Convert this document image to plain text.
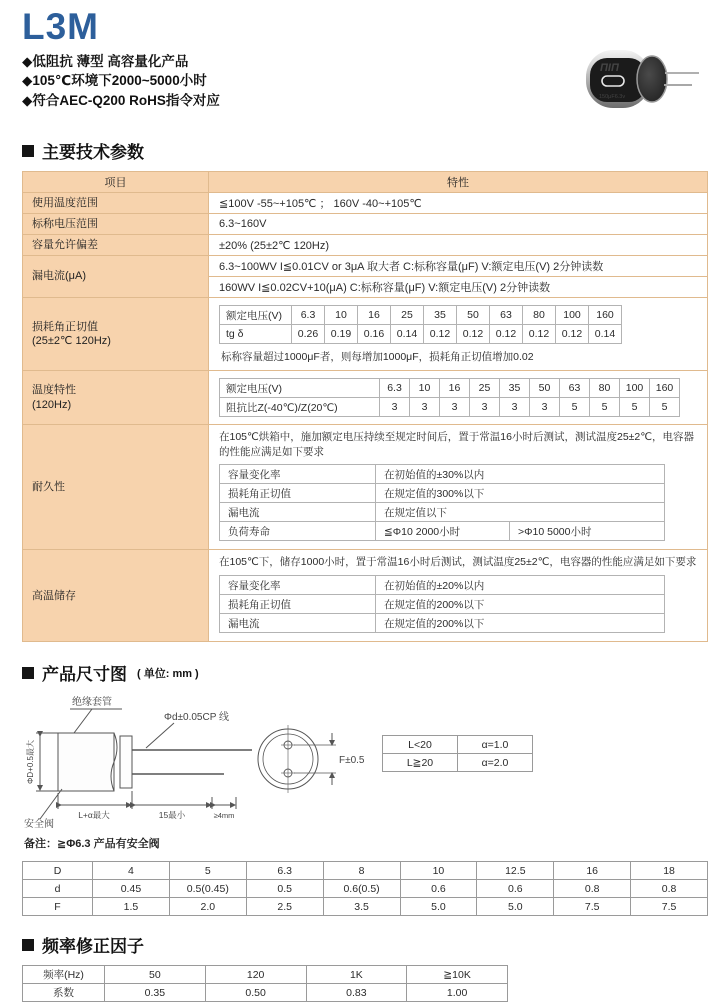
L3M
◆低阻抗 薄型 高容量化产品
◆105℃环境下2000~5000小时
◆符合AEC-Q200 RoHS指令对应
ΠΙΠ
150μF6.3v
主要技术参数
项目	特性
使用温度范围	≦100V -55~+105℃ ； 160V -40~+105℃
标称电压范围	6.3~160V
容量允许偏差	±20% (25±2℃ 120Hz)
漏电流(μA)	6.3~100WV I≦0.01CV or 3μA 取大者 C:标称容量(μF) V:额定电压(V) 2分钟读数
160WV I≦0.02CV+10(μA) C:标称容量(μF) V:额定电压(V) 2分钟读数
损耗角正切值
(25±2℃ 120Hz)	
额定电压(V)	6.3	10	16	25	35	50	63	80	100	160
tg δ	0.26	0.19	0.16	0.14	0.12	0.12	0.12	0.12	0.12	0.14
标称容量超过1000μF者，则每增加1000μF，损耗角正切值增加0.02

温度特性
(120Hz)	
额定电压(V)	6.3	10	16	25	35	50	63	80	100	160
阻抗比Z(-40℃)/Z(20℃)	3	3	3	3	3	3	5	5	5	5

耐久性	
在105℃烘箱中，施加额定电压持续至规定时间后，置于常温16小时后测试，测试温度25±2℃，电容器的性能应满足如下要求
容量变化率	在初始值的±30%以内
损耗角正切值	在规定值的300%以下
漏电流	在规定值以下
负荷寿命	≦Φ10 2000小时	>Φ10 5000小时

高温储存	
在105℃下，储存1000小时，置于常温16小时后测试，测试温度25±2℃，电容器的性能应满足如下要求
容量变化率	在初始值的±20%以内
损耗角正切值	在规定值的200%以下
漏电流	在规定值的200%以下
产品尺寸图 ( 单位: mm )
绝缘套管
Φd±0.05CP 线
ΦD+0.5最大
L+α最大	15最小	≥4mm
安全阀
F±0.5
L<20	α=1.0
L≧20	α=2.0
备注：≧Φ6.3 产品有安全阀
D	4	5	6.3	8	10	12.5	16	18
d	0.45	0.5(0.45)	0.5	0.6(0.5)	0.6	0.6	0.8	0.8
F	1.5	2.0	2.5	3.5	5.0	5.0	7.5	7.5
频率修正因子
频率(Hz)	50	120	1K	≧10K
系数	0.35	0.50	0.83	1.00
